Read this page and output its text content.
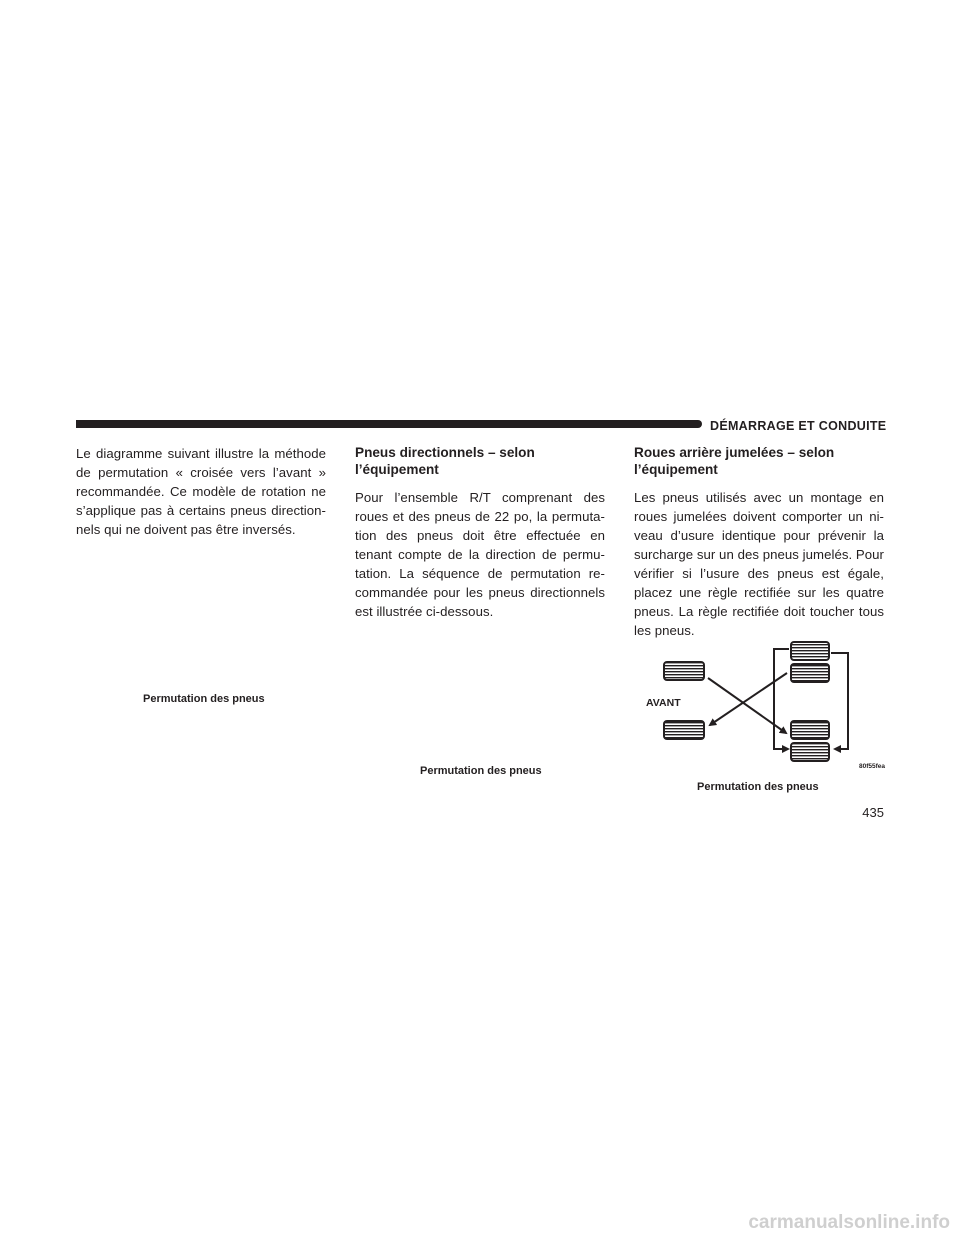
DÉMARRAGE ET CONDUITE

Le diagramme suivant illustre la méthode de permutation « croisée vers l’avant » recommandée. Ce modèle de rotation ne s’applique pas à certains pneus direction- nels qui ne doivent pas être inversés.

Permutation des pneus
Pneus directionnels – selon l’équipement

Pour l’ensemble R/T comprenant des roues et des pneus de 22 po, la permuta- tion des pneus doit être effectuée en tenant compte de la direction de permu- tation. La séquence de permutation re- commandée pour les pneus directionnels est illustrée ci-dessous.

Permutation des pneus
Roues arrière jumelées – selon l’équipement

Les pneus utilisés avec un montage en roues jumelées doivent comporter un ni- veau d’usure identique pour prévenir la surcharge sur un des pneus jumelés. Pour vérifier si l’usure des pneus est égale, placez une règle rectifiée sur les quatre pneus. La règle rectifiée doit toucher tous les pneus.

AVANT
80f55fea
Permutation des pneus
435
carmanualsonline.info
